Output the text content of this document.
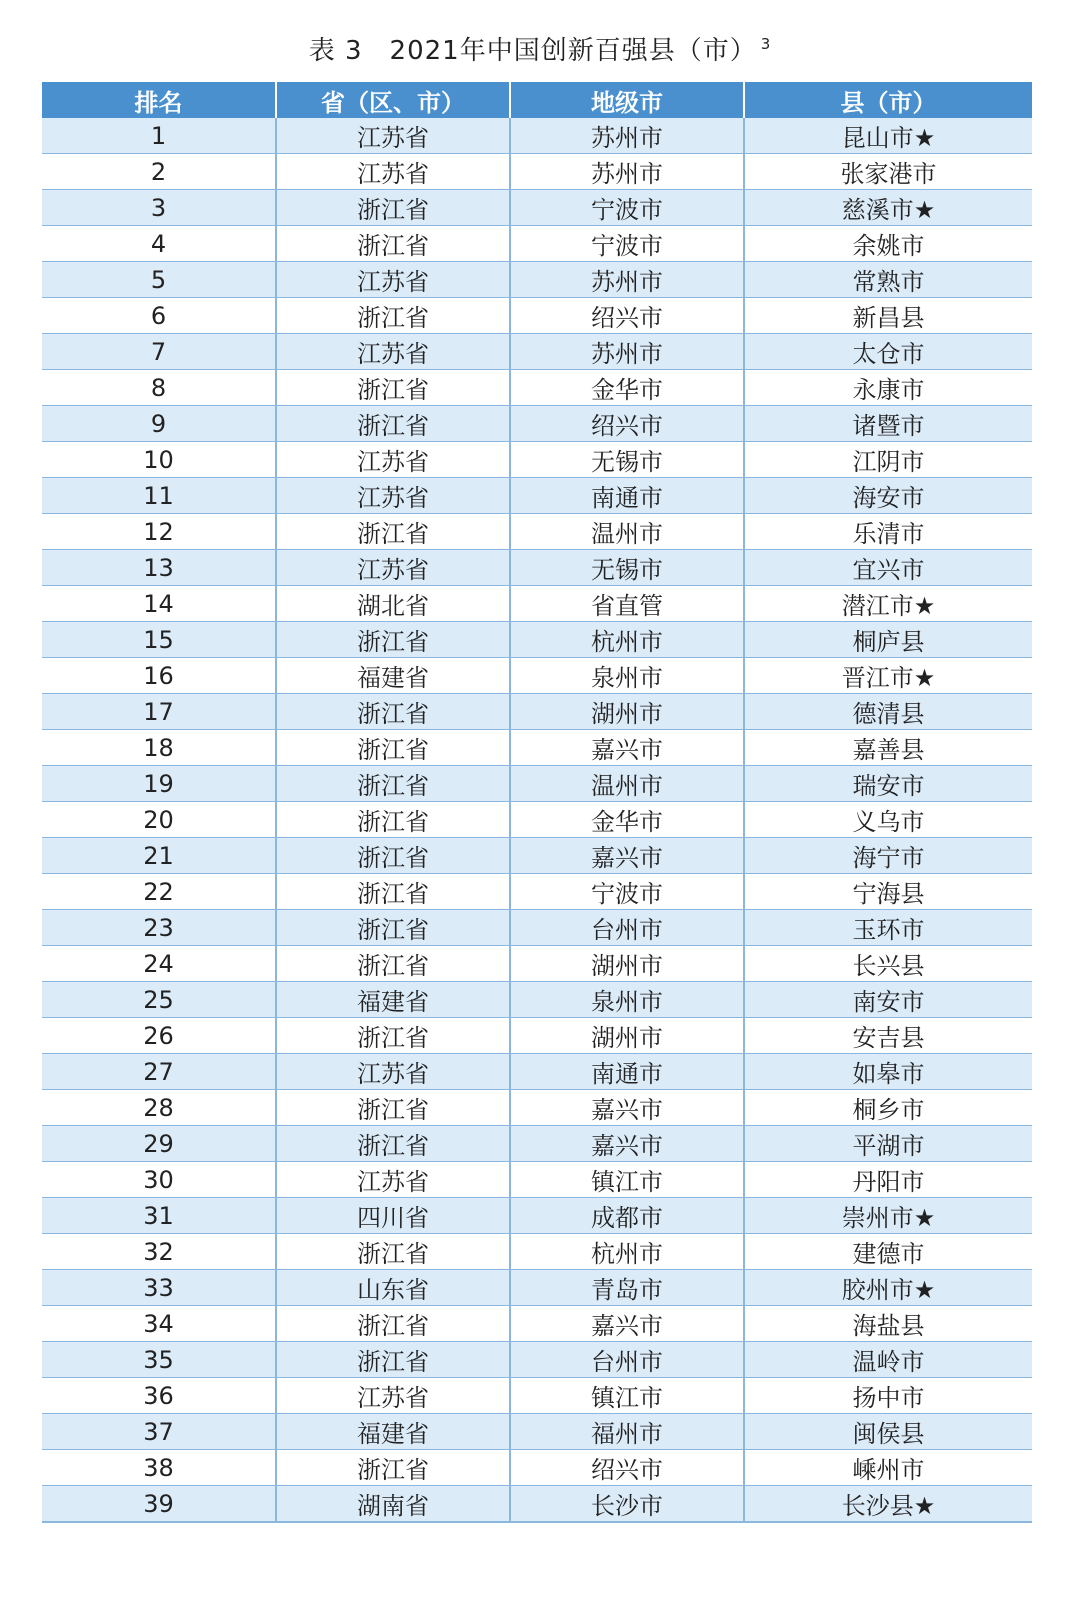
表 3　2021年中国创新百强县（市） $^3$
排名	省（区、市）	地级市	县（市）
1	江苏省	苏州市	昆山市★
2	江苏省	苏州市	张家港市
3	浙江省	宁波市	慈溪市★
4	浙江省	宁波市	余姚市
5	江苏省	苏州市	常熟市
6	浙江省	绍兴市	新昌县
7	江苏省	苏州市	太仓市
8	浙江省	金华市	永康市
9	浙江省	绍兴市	诸暨市
10	江苏省	无锡市	江阴市
11	江苏省	南通市	海安市
12	浙江省	温州市	乐清市
13	江苏省	无锡市	宜兴市
14	湖北省	省直管	潜江市★
15	浙江省	杭州市	桐庐县
16	福建省	泉州市	晋江市★
17	浙江省	湖州市	德清县
18	浙江省	嘉兴市	嘉善县
19	浙江省	温州市	瑞安市
20	浙江省	金华市	义乌市
21	浙江省	嘉兴市	海宁市
22	浙江省	宁波市	宁海县
23	浙江省	台州市	玉环市
24	浙江省	湖州市	长兴县
25	福建省	泉州市	南安市
26	浙江省	湖州市	安吉县
27	江苏省	南通市	如皋市
28	浙江省	嘉兴市	桐乡市
29	浙江省	嘉兴市	平湖市
30	江苏省	镇江市	丹阳市
31	四川省	成都市	崇州市★
32	浙江省	杭州市	建德市
33	山东省	青岛市	胶州市★
34	浙江省	嘉兴市	海盐县
35	浙江省	台州市	温岭市
36	江苏省	镇江市	扬中市
37	福建省	福州市	闽侯县
38	浙江省	绍兴市	嵊州市
39	湖南省	长沙市	长沙县★
